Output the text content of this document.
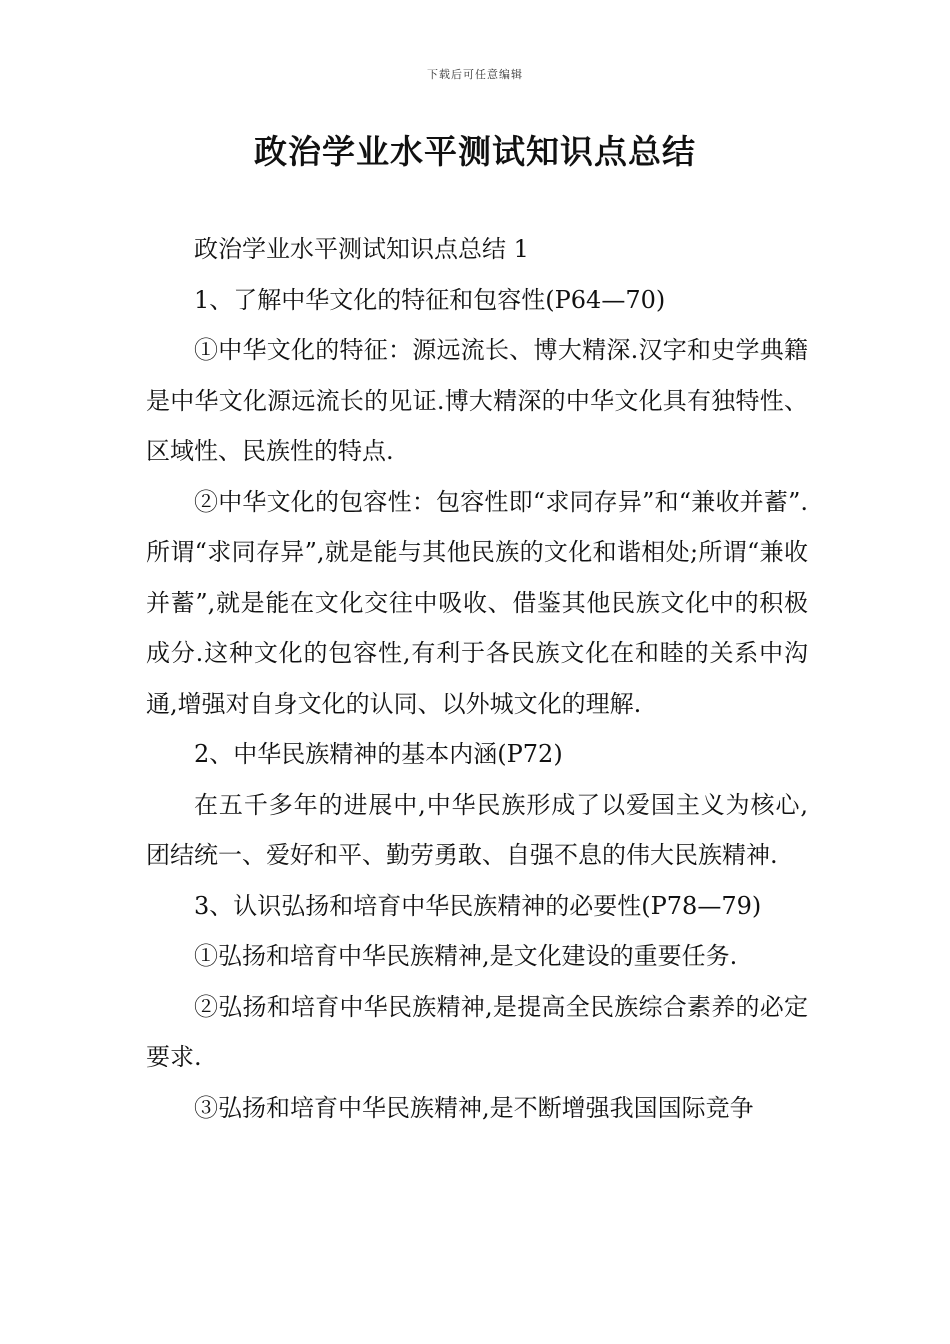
下载后可任意编辑
政治学业水平测试知识点总结

政治学业水平测试知识点总结 1

1、了解中华文化的特征和包容性(P64—70)

①中华文化的特征：源远流长、博大精深.汉字和史学典籍是中华文化源远流长的见证.博大精深的中华文化具有独特性、区域性、民族性的特点.

②中华文化的包容性：包容性即“求同存异”和“兼收并蓄”.所谓“求同存异”,就是能与其他民族的文化和谐相处;所谓“兼收并蓄”,就是能在文化交往中吸收、借鉴其他民族文化中的积极成分.这种文化的包容性,有利于各民族文化在和睦的关系中沟通,增强对自身文化的认同、以外城文化的理解.

2、中华民族精神的基本内涵(P72)

在五千多年的进展中,中华民族形成了以爱国主义为核心,团结统一、爱好和平、勤劳勇敢、自强不息的伟大民族精神.

3、认识弘扬和培育中华民族精神的必要性(P78—79)

①弘扬和培育中华民族精神,是文化建设的重要任务.

②弘扬和培育中华民族精神,是提高全民族综合素养的必定要求.

③弘扬和培育中华民族精神,是不断增强我国国际竞争
